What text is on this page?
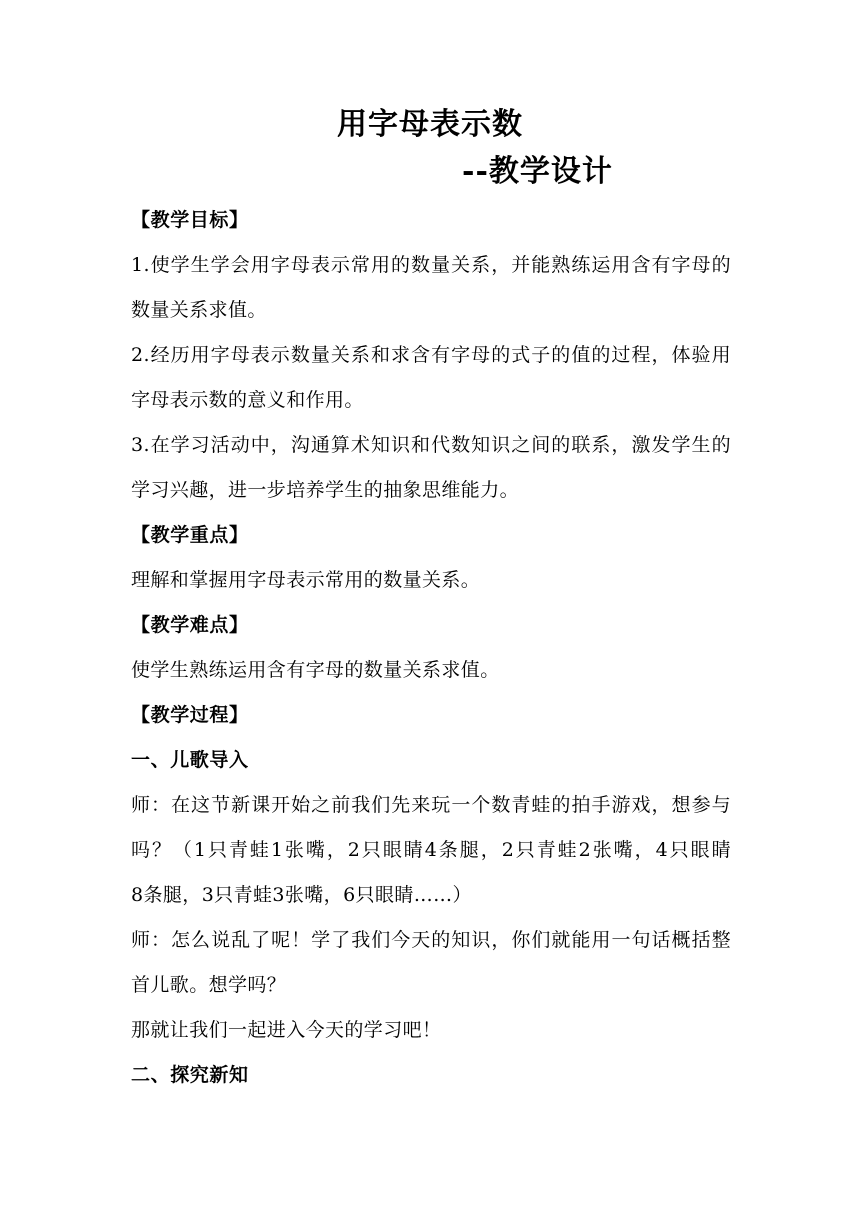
用字母表示数
--教学设计
【教学目标】
1.使学生学会用字母表示常用的数量关系，并能熟练运用含有字母的
数量关系求值。
2.经历用字母表示数量关系和求含有字母的式子的值的过程，体验用
字母表示数的意义和作用。
3.在学习活动中，沟通算术知识和代数知识之间的联系，激发学生的
学习兴趣，进一步培养学生的抽象思维能力。
【教学重点】
理解和掌握用字母表示常用的数量关系。
【教学难点】
使学生熟练运用含有字母的数量关系求值。
【教学过程】
一、儿歌导入
师：在这节新课开始之前我们先来玩一个数青蛙的拍手游戏，想参与
吗？（1只青蛙1张嘴，2只眼睛4条腿，2只青蛙2张嘴，4只眼睛
8条腿，3只青蛙3张嘴，6只眼睛……）
师：怎么说乱了呢！学了我们今天的知识，你们就能用一句话概括整
首儿歌。想学吗？
那就让我们一起进入今天的学习吧！
二、探究新知
